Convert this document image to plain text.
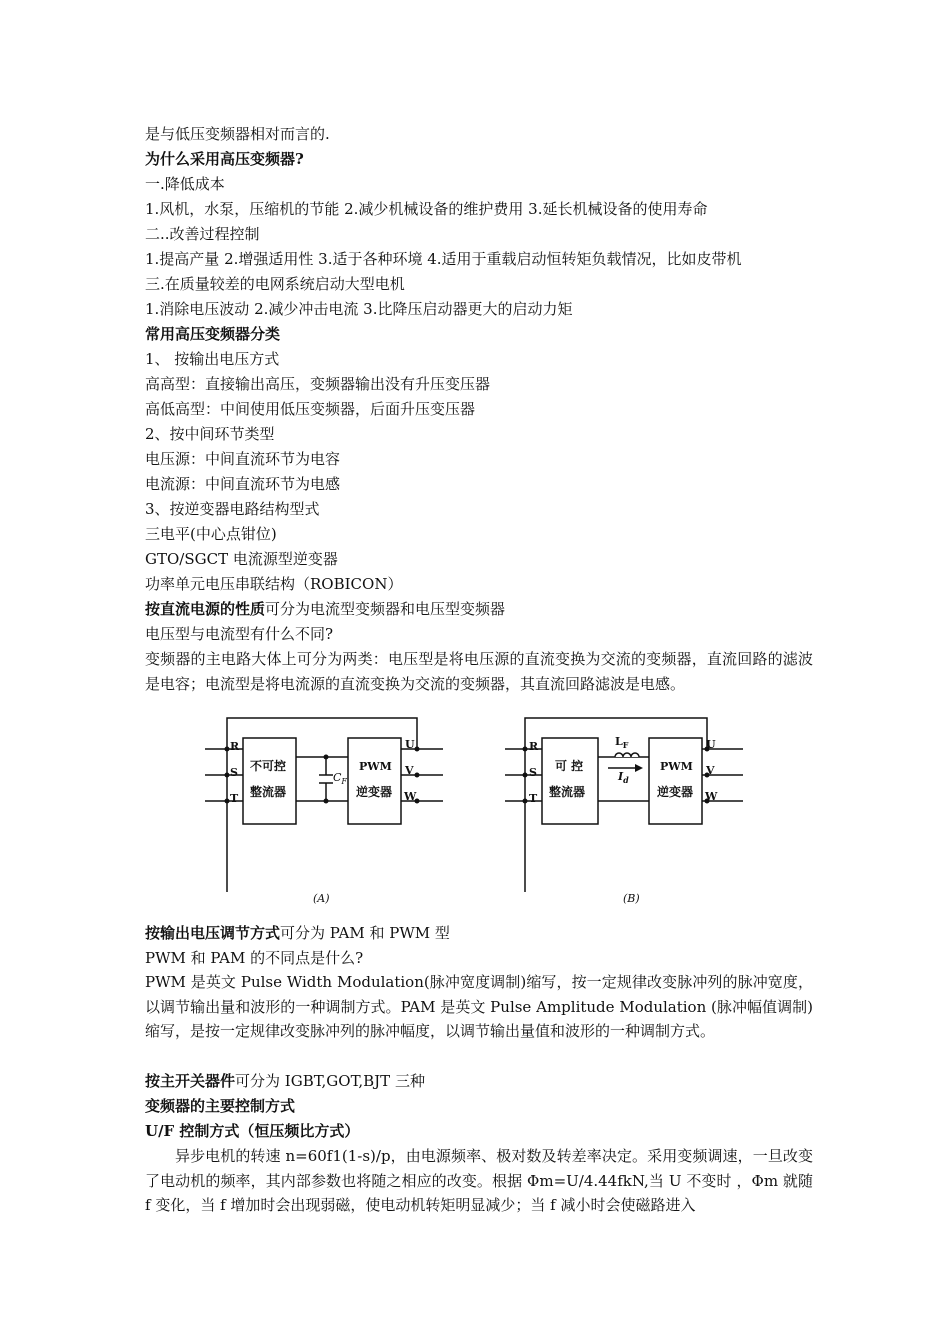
是与低压变频器相对而言的.
为什么采用高压变频器?
一.降低成本
1.风机，水泵，压缩机的节能 2.减少机械设备的维护费用 3.延长机械设备的使用寿命
二..改善过程控制
1.提高产量 2.增强适用性 3.适于各种环境 4.适用于重载启动恒转矩负载情况，比如皮带机
三.在质量较差的电网系统启动大型电机
1.消除电压波动 2.减少冲击电流 3.比降压启动器更大的启动力矩
常用高压变频器分类
1、 按输出电压方式
高高型：直接输出高压，变频器输出没有升压变压器
高低高型：中间使用低压变频器，后面升压变压器
2、按中间环节类型
电压源：中间直流环节为电容
电流源：中间直流环节为电感
3、按逆变器电路结构型式
三电平(中心点钳位)
GTO/SGCT 电流源型逆变器
功率单元电压串联结构（ROBICON）
按直流电源的性质可分为电流型变频器和电压型变频器
电压型与电流型有什么不同?
变频器的主电路大体上可分为两类：电压型是将电压源的直流变换为交流的变频器，直流回路的滤波是电容；电流型是将电流源的直流变换为交流的变频器，其直流回路滤波是电感。
R
S
T
不可控
整流器
$C_F$
PWM
逆变器
U
V
W
(A)
R
S
T
可 控
整流器
$L_F$
$I_d$
PWM
逆变器
U
V
W
(B)
按输出电压调节方式可分为 PAM 和 PWM 型
PWM 和 PAM 的不同点是什么?
PWM 是英文 Pulse Width Modulation(脉冲宽度调制)缩写，按一定规律改变脉冲列的脉冲宽度，以调节输出量和波形的一种调制方式。PAM 是英文 Pulse Amplitude Modulation (脉冲幅值调制) 缩写，是按一定规律改变脉冲列的脉冲幅度，以调节输出量值和波形的一种调制方式。
按主开关器件可分为 IGBT,GOT,BJT 三种
变频器的主要控制方式
U/F 控制方式（恒压频比方式）
异步电机的转速 n=60f1(1-s)/p，由电源频率、极对数及转差率决定。采用变频调速，一旦改变了电动机的频率，其内部参数也将随之相应的改变。根据 Φm=U/4.44fkN,当 U 不变时 ，Φm 就随 f 变化，当 f 增加时会出现弱磁，使电动机转矩明显减少；当 f 减小时会使磁路进入
